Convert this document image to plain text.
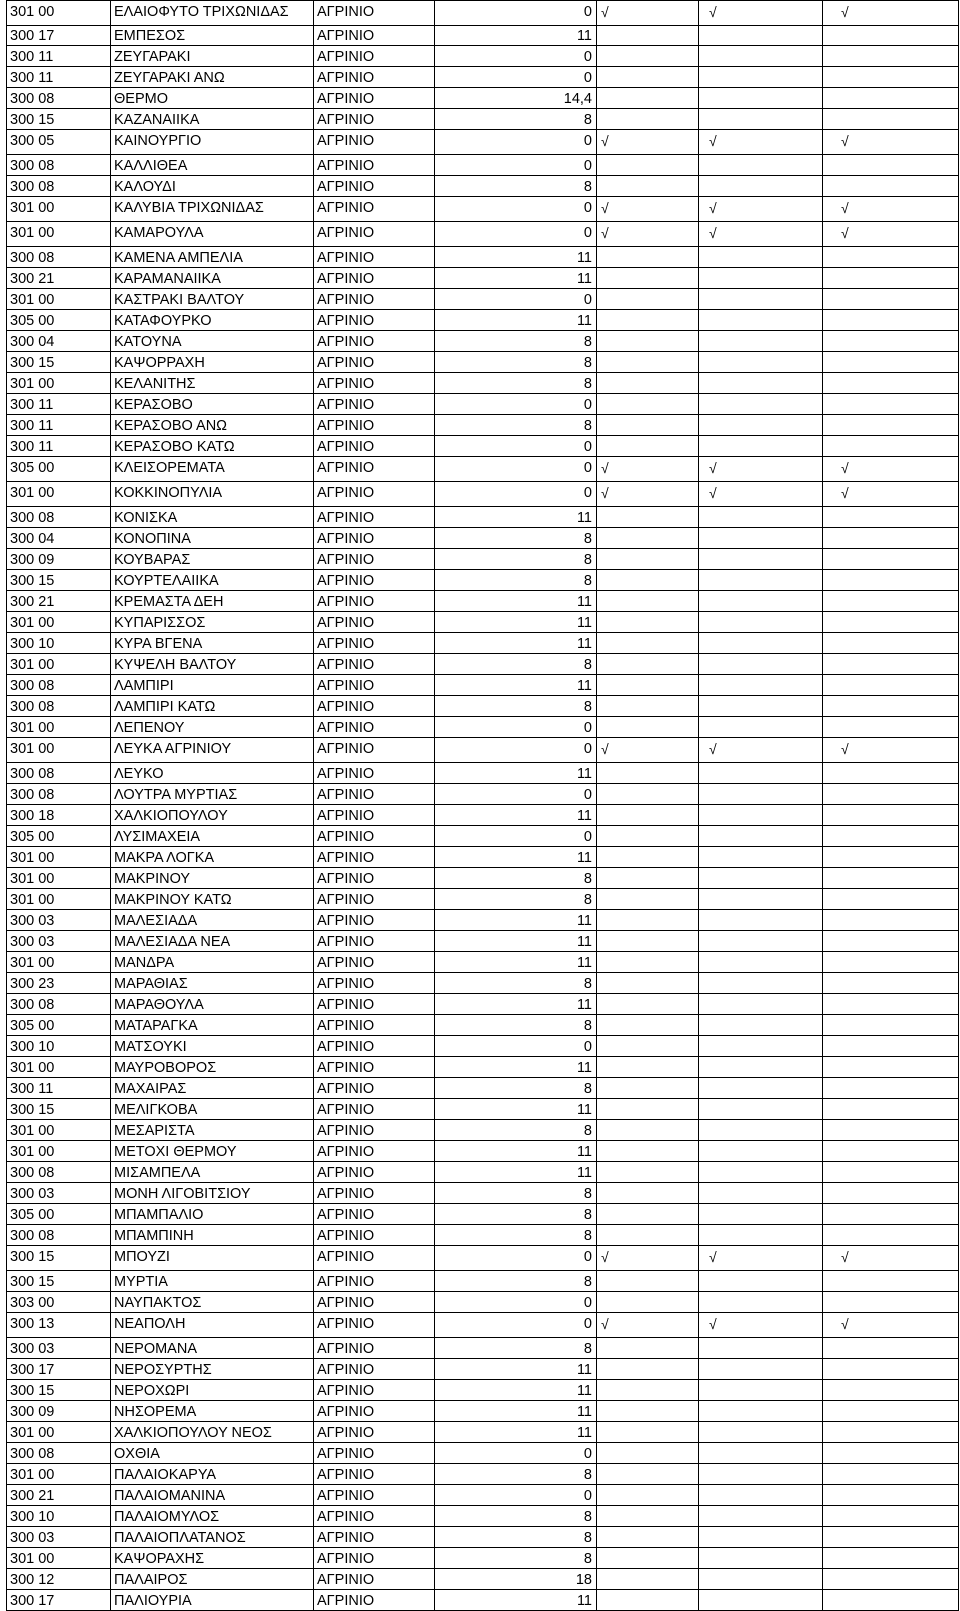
301 00	ΕΛΑΙΟΦΥΤΟ ΤΡΙΧΩΝΙΔΑΣ	ΑΓΡΙΝΙΟ	0 √	√	√
300 17	ΕΜΠΕΣΟΣ	ΑΓΡΙΝΙΟ	11
300 11	ΖΕΥΓΑΡΑΚΙ	ΑΓΡΙΝΙΟ	0
300 11	ΖΕΥΓΑΡΑΚΙ ΑΝΩ	ΑΓΡΙΝΙΟ	0
300 08	ΘΕΡΜΟ	ΑΓΡΙΝΙΟ	14,4
300 15	ΚΑΖΑΝΑΙΙΚΑ	ΑΓΡΙΝΙΟ	8
300 05	ΚΑΙΝΟΥΡΓΙΟ	ΑΓΡΙΝΙΟ	0 √	√	√
300 08	ΚΑΛΛΙΘΕΑ	ΑΓΡΙΝΙΟ	0
300 08	ΚΑΛΟΥΔΙ	ΑΓΡΙΝΙΟ	8
301 00	ΚΑΛΥΒΙΑ ΤΡΙΧΩΝΙΔΑΣ	ΑΓΡΙΝΙΟ	0 √	√	√
301 00	ΚΑΜΑΡΟΥΛΑ	ΑΓΡΙΝΙΟ	0 √	√	√
300 08	ΚΑΜΕΝΑ ΑΜΠΕΛΙΑ	ΑΓΡΙΝΙΟ	11
300 21	ΚΑΡΑΜΑΝΑΙΙΚΑ	ΑΓΡΙΝΙΟ	11
301 00	ΚΑΣΤΡΑΚΙ ΒΑΛΤΟΥ	ΑΓΡΙΝΙΟ	0
305 00	ΚΑΤΑΦΟΥΡΚΟ	ΑΓΡΙΝΙΟ	11
300 04	ΚΑΤΟΥΝΑ	ΑΓΡΙΝΙΟ	8
300 15	ΚΑΨΟΡΡΑΧΗ	ΑΓΡΙΝΙΟ	8
301 00	ΚΕΛΑΝΙΤΗΣ	ΑΓΡΙΝΙΟ	8
300 11	ΚΕΡΑΣΟΒΟ	ΑΓΡΙΝΙΟ	0
300 11	ΚΕΡΑΣΟΒΟ ΑΝΩ	ΑΓΡΙΝΙΟ	8
300 11	ΚΕΡΑΣΟΒΟ ΚΑΤΩ	ΑΓΡΙΝΙΟ	0
305 00	ΚΛΕΙΣΟΡΕΜΑΤΑ	ΑΓΡΙΝΙΟ	0 √	√	√
301 00	ΚΟΚΚΙΝΟΠΥΛΙΑ	ΑΓΡΙΝΙΟ	0 √	√	√
300 08	ΚΟΝΙΣΚΑ	ΑΓΡΙΝΙΟ	11
300 04	ΚΟΝΟΠΙΝΑ	ΑΓΡΙΝΙΟ	8
300 09	ΚΟΥΒΑΡΑΣ	ΑΓΡΙΝΙΟ	8
300 15	ΚΟΥΡΤΕΛΑΙΙΚΑ	ΑΓΡΙΝΙΟ	8
300 21	ΚΡΕΜΑΣΤΑ ΔΕΗ	ΑΓΡΙΝΙΟ	11
301 00	ΚΥΠΑΡΙΣΣΟΣ	ΑΓΡΙΝΙΟ	11
300 10	ΚΥΡΑ ΒΓΕΝΑ	ΑΓΡΙΝΙΟ	11
301 00	ΚΥΨΕΛΗ ΒΑΛΤΟΥ	ΑΓΡΙΝΙΟ	8
300 08	ΛΑΜΠΙΡΙ	ΑΓΡΙΝΙΟ	11
300 08	ΛΑΜΠΙΡΙ ΚΑΤΩ	ΑΓΡΙΝΙΟ	8
301 00	ΛΕΠΕΝΟΥ	ΑΓΡΙΝΙΟ	0
301 00	ΛΕΥΚΑ ΑΓΡΙΝΙΟΥ	ΑΓΡΙΝΙΟ	0 √	√	√
300 08	ΛΕΥΚΟ	ΑΓΡΙΝΙΟ	11
300 08	ΛΟΥΤΡΑ ΜΥΡΤΙΑΣ	ΑΓΡΙΝΙΟ	0
300 18	ΧΑΛΚΙΟΠΟΥΛΟΥ	ΑΓΡΙΝΙΟ	11
305 00	ΛΥΣΙΜΑΧΕΙΑ	ΑΓΡΙΝΙΟ	0
301 00	ΜΑΚΡΑ ΛΟΓΚΑ	ΑΓΡΙΝΙΟ	11
301 00	ΜΑΚΡΙΝΟΥ	ΑΓΡΙΝΙΟ	8
301 00	ΜΑΚΡΙΝΟΥ ΚΑΤΩ	ΑΓΡΙΝΙΟ	8
300 03	ΜΑΛΕΣΙΑΔΑ	ΑΓΡΙΝΙΟ	11
300 03	ΜΑΛΕΣΙΑΔΑ ΝΕΑ	ΑΓΡΙΝΙΟ	11
301 00	ΜΑΝΔΡΑ	ΑΓΡΙΝΙΟ	11
300 23	ΜΑΡΑΘΙΑΣ	ΑΓΡΙΝΙΟ	8
300 08	ΜΑΡΑΘΟΥΛΑ	ΑΓΡΙΝΙΟ	11
305 00	ΜΑΤΑΡΑΓΚΑ	ΑΓΡΙΝΙΟ	8
300 10	ΜΑΤΣΟΥΚΙ	ΑΓΡΙΝΙΟ	0
301 00	ΜΑΥΡΟΒΟΡΟΣ	ΑΓΡΙΝΙΟ	11
300 11	ΜΑΧΑΙΡΑΣ	ΑΓΡΙΝΙΟ	8
300 15	ΜΕΛΙΓΚΟΒΑ	ΑΓΡΙΝΙΟ	11
301 00	ΜΕΣΑΡΙΣΤΑ	ΑΓΡΙΝΙΟ	8
301 00	ΜΕΤΟΧΙ ΘΕΡΜΟΥ	ΑΓΡΙΝΙΟ	11
300 08	ΜΙΣΑΜΠΕΛΑ	ΑΓΡΙΝΙΟ	11
300 03	ΜΟΝΗ ΛΙΓΟΒΙΤΣΙΟΥ	ΑΓΡΙΝΙΟ	8
305 00	ΜΠΑΜΠΑΛΙΟ	ΑΓΡΙΝΙΟ	8
300 08	ΜΠΑΜΠΙΝΗ	ΑΓΡΙΝΙΟ	8
300 15	ΜΠΟΥΖΙ	ΑΓΡΙΝΙΟ	0 √	√	√
300 15	ΜΥΡΤΙΑ	ΑΓΡΙΝΙΟ	8
303 00	ΝΑΥΠΑΚΤΟΣ	ΑΓΡΙΝΙΟ	0
300 13	ΝΕΑΠΟΛΗ	ΑΓΡΙΝΙΟ	0 √	√	√
300 03	ΝΕΡΟΜΑΝΑ	ΑΓΡΙΝΙΟ	8
300 17	ΝΕΡΟΣΥΡΤΗΣ	ΑΓΡΙΝΙΟ	11
300 15	ΝΕΡΟΧΩΡΙ	ΑΓΡΙΝΙΟ	11
300 09	ΝΗΣΟΡΕΜΑ	ΑΓΡΙΝΙΟ	11
301 00	ΧΑΛΚΙΟΠΟΥΛΟΥ ΝΕΟΣ	ΑΓΡΙΝΙΟ	11
300 08	ΟΧΘΙΑ	ΑΓΡΙΝΙΟ	0
301 00	ΠΑΛΑΙΟΚΑΡΥΑ	ΑΓΡΙΝΙΟ	8
300 21	ΠΑΛΑΙΟΜΑΝΙΝΑ	ΑΓΡΙΝΙΟ	0
300 10	ΠΑΛΑΙΟΜΥΛΟΣ	ΑΓΡΙΝΙΟ	8
300 03	ΠΑΛΑΙΟΠΛΑΤΑΝΟΣ	ΑΓΡΙΝΙΟ	8
301 00	ΚΑΨΟΡΑΧΗΣ	ΑΓΡΙΝΙΟ	8
300 12	ΠΑΛΑΙΡΟΣ	ΑΓΡΙΝΙΟ	18
300 17	ΠΑΛΙΟΥΡΙΑ	ΑΓΡΙΝΙΟ	11
